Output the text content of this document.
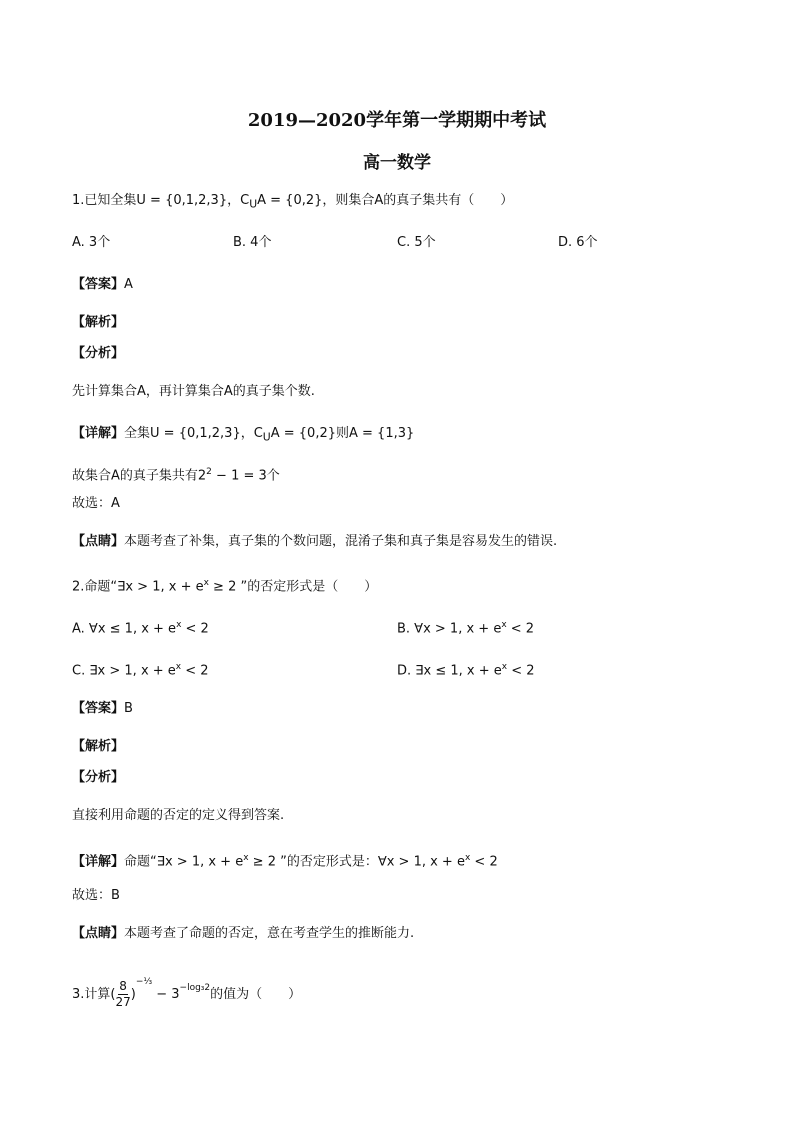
2019—2020学年第一学期期中考试
高一数学
1.已知全集U = {0,1,2,3}，$C_UA = \{0,2\}$，则集合A的真子集共有（　　）
A. 3个	B. 4个	C. 5个	D. 6个
【答案】A
【解析】
【分析】
先计算集合A，再计算集合A的真子集个数.
【详解】全集U = {0,1,2,3}，$C_UA = \{0,2\}$则A = {1,3}
故集合A的真子集共有$2^2 - 1 = 3$个
故选：A
【点睛】本题考查了补集，真子集的个数问题，混淆子集和真子集是容易发生的错误.
2.命题“∃x > 1, $x + e^x \ge 2$ ”的否定形式是（　　）
A. ∀x ≤ 1, $x + e^x < 2$	B. ∀x > 1, $x + e^x < 2$
C. ∃x > 1, $x + e^x < 2$	D. ∃x ≤ 1, $x + e^x < 2$
【答案】B
【解析】
【分析】
直接利用命题的否定的定义得到答案.
【详解】命题“∃x > 1, $x + e^x \ge 2$ ”的否定形式是：∀x > 1, $x + e^x < 2$
故选：B
【点睛】本题考查了命题的否定，意在考查学生的推断能力.
3.计算( $\frac{8}{27} )^{-\frac{1}{3}} - 3^{-log_32}$的值为（　　）
